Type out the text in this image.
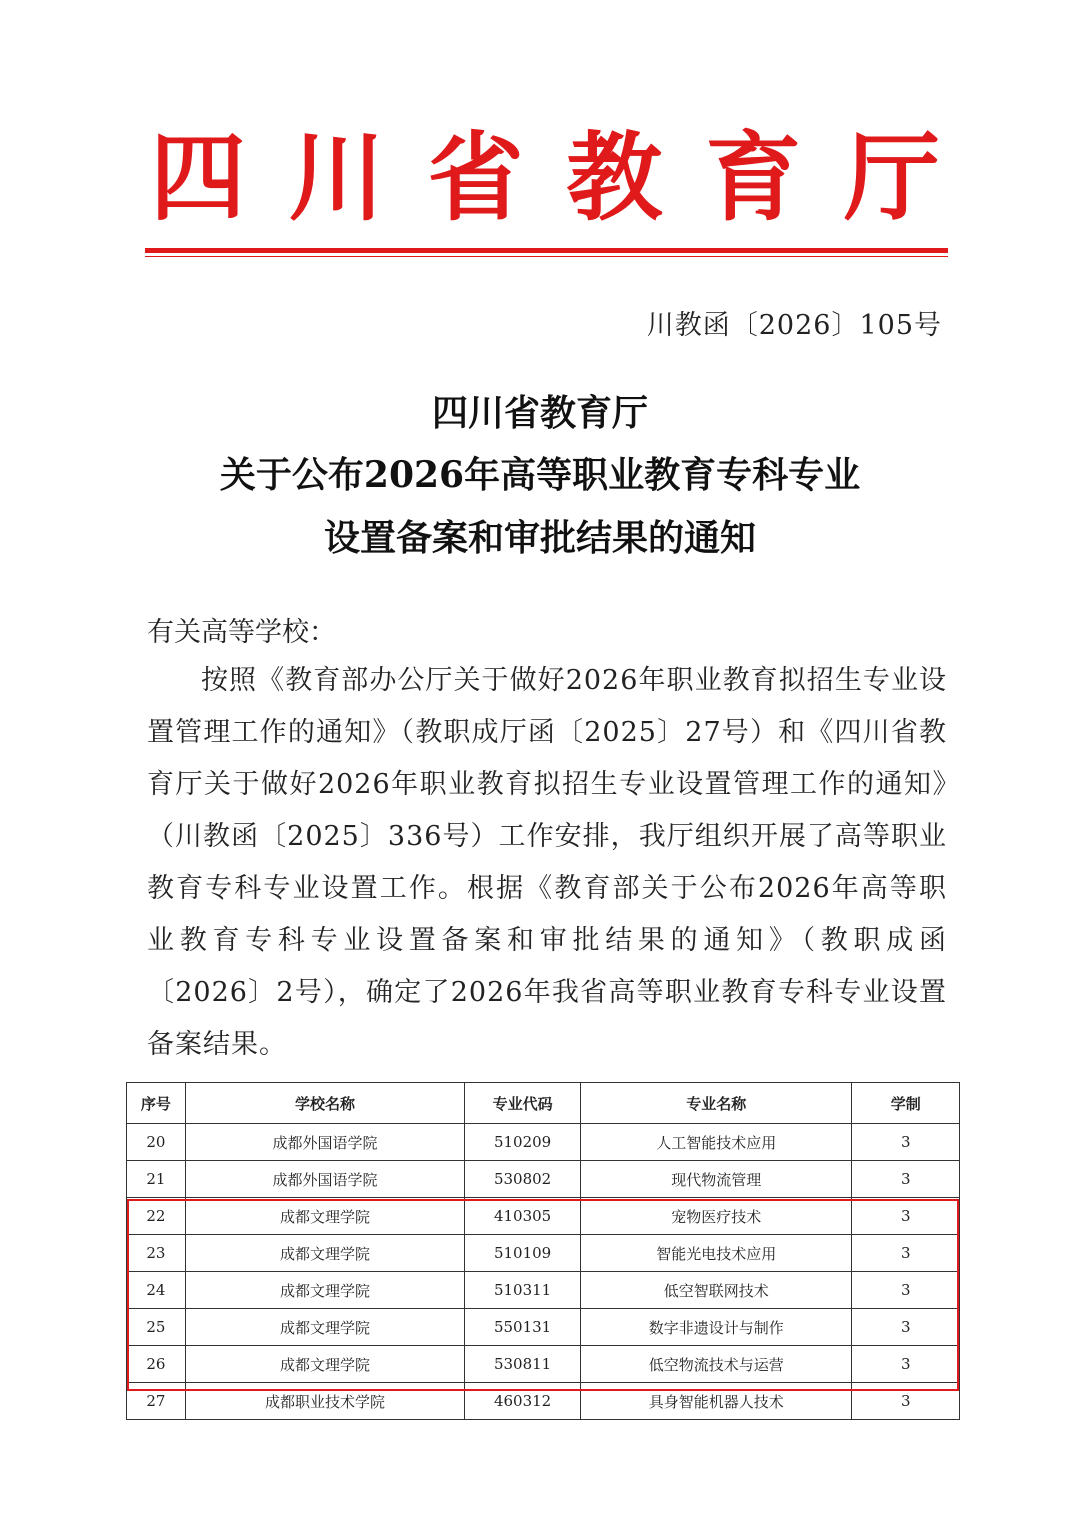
四 川 省 教 育 厅
川教函〔2026〕105号
四川省教育厅
关于公布2026年高等职业教育专科专业
设置备案和审批结果的通知
有关高等学校：
按照《教育部办公厅关于做好2026年职业教育拟招生专业设置管理工作的通知》（教职成厅函〔2025〕27号）和《四川省教育厅关于做好2026年职业教育拟招生专业设置管理工作的通知》（川教函〔2025〕336号）工作安排，我厅组织开展了高等职业教育专科专业设置工作。根据《教育部关于公布2026年高等职业教育专科专业设置备案和审批结果的通知》（教职成函〔2026〕2号），确定了2026年我省高等职业教育专科专业设置备案结果。
序号	学校名称	专业代码	专业名称	学制
20	成都外国语学院	510209	人工智能技术应用	3
21	成都外国语学院	530802	现代物流管理	3
22	成都文理学院	410305	宠物医疗技术	3
23	成都文理学院	510109	智能光电技术应用	3
24	成都文理学院	510311	低空智联网技术	3
25	成都文理学院	550131	数字非遗设计与制作	3
26	成都文理学院	530811	低空物流技术与运营	3
27	成都职业技术学院	460312	具身智能机器人技术	3
